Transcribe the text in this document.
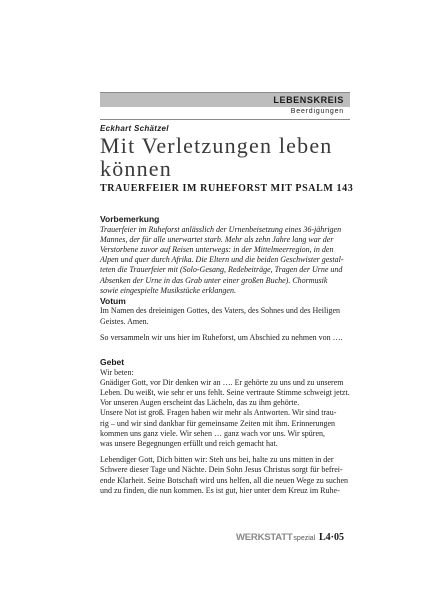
LEBENSKREIS
Beerdigungen
Eckhart Schätzel
Mit Verletzungen leben
können
TRAUERFEIER IM RUHEFORST MIT PSALM 143

Vorbemerkung

Trauerfeier im Ruheforst anlässlich der Urnenbeisetzung eines 36-jährigen
Mannes, der für alle unerwartet starb. Mehr als zehn Jahre lang war der
Verstorbene zuvor auf Reisen unterwegs: in der Mittelmeerregion, in den
Alpen und quer durch Afrika. Die Eltern und die beiden Geschwister gestal-
teten die Trauerfeier mit (Solo-Gesang, Redebeiträge, Tragen der Urne und
Absenken der Urne in das Grab unter einer großen Buche). Chormusik
sowie eingespielte Musikstücke erklangen.

Votum

Im Namen des dreieinigen Gottes, des Vaters, des Sohnes und des Heiligen
Geistes. Amen.

So versammeln wir uns hier im Ruheforst, um Abschied zu nehmen von ….

Gebet

Wir beten:
Gnädiger Gott, vor Dir denken wir an …. Er gehörte zu uns und zu unserem
Leben. Du weißt, wie sehr er uns fehlt. Seine vertraute Stimme schweigt jetzt.
Vor unseren Augen erscheint das Lächeln, das zu ihm gehörte.
Unsere Not ist groß. Fragen haben wir mehr als Antworten. Wir sind trau-
rig – und wir sind dankbar für gemeinsame Zeiten mit ihm. Erinnerungen
kommen uns ganz viele. Wir sehen … ganz wach vor uns. Wir spüren,
was unsere Begegnungen erfüllt und reich gemacht hat.

Lebendiger Gott, Dich bitten wir: Steh uns bei, halte zu uns mitten in der
Schwere dieser Tage und Nächte. Dein Sohn Jesus Christus sorgt für befrei-
ende Klarheit. Seine Botschaft wird uns helfen, all die neuen Wege zu suchen
und zu finden, die nun kommen. Es ist gut, hier unter dem Kreuz im Ruhe-

WERKSTATT spezial L4·05
